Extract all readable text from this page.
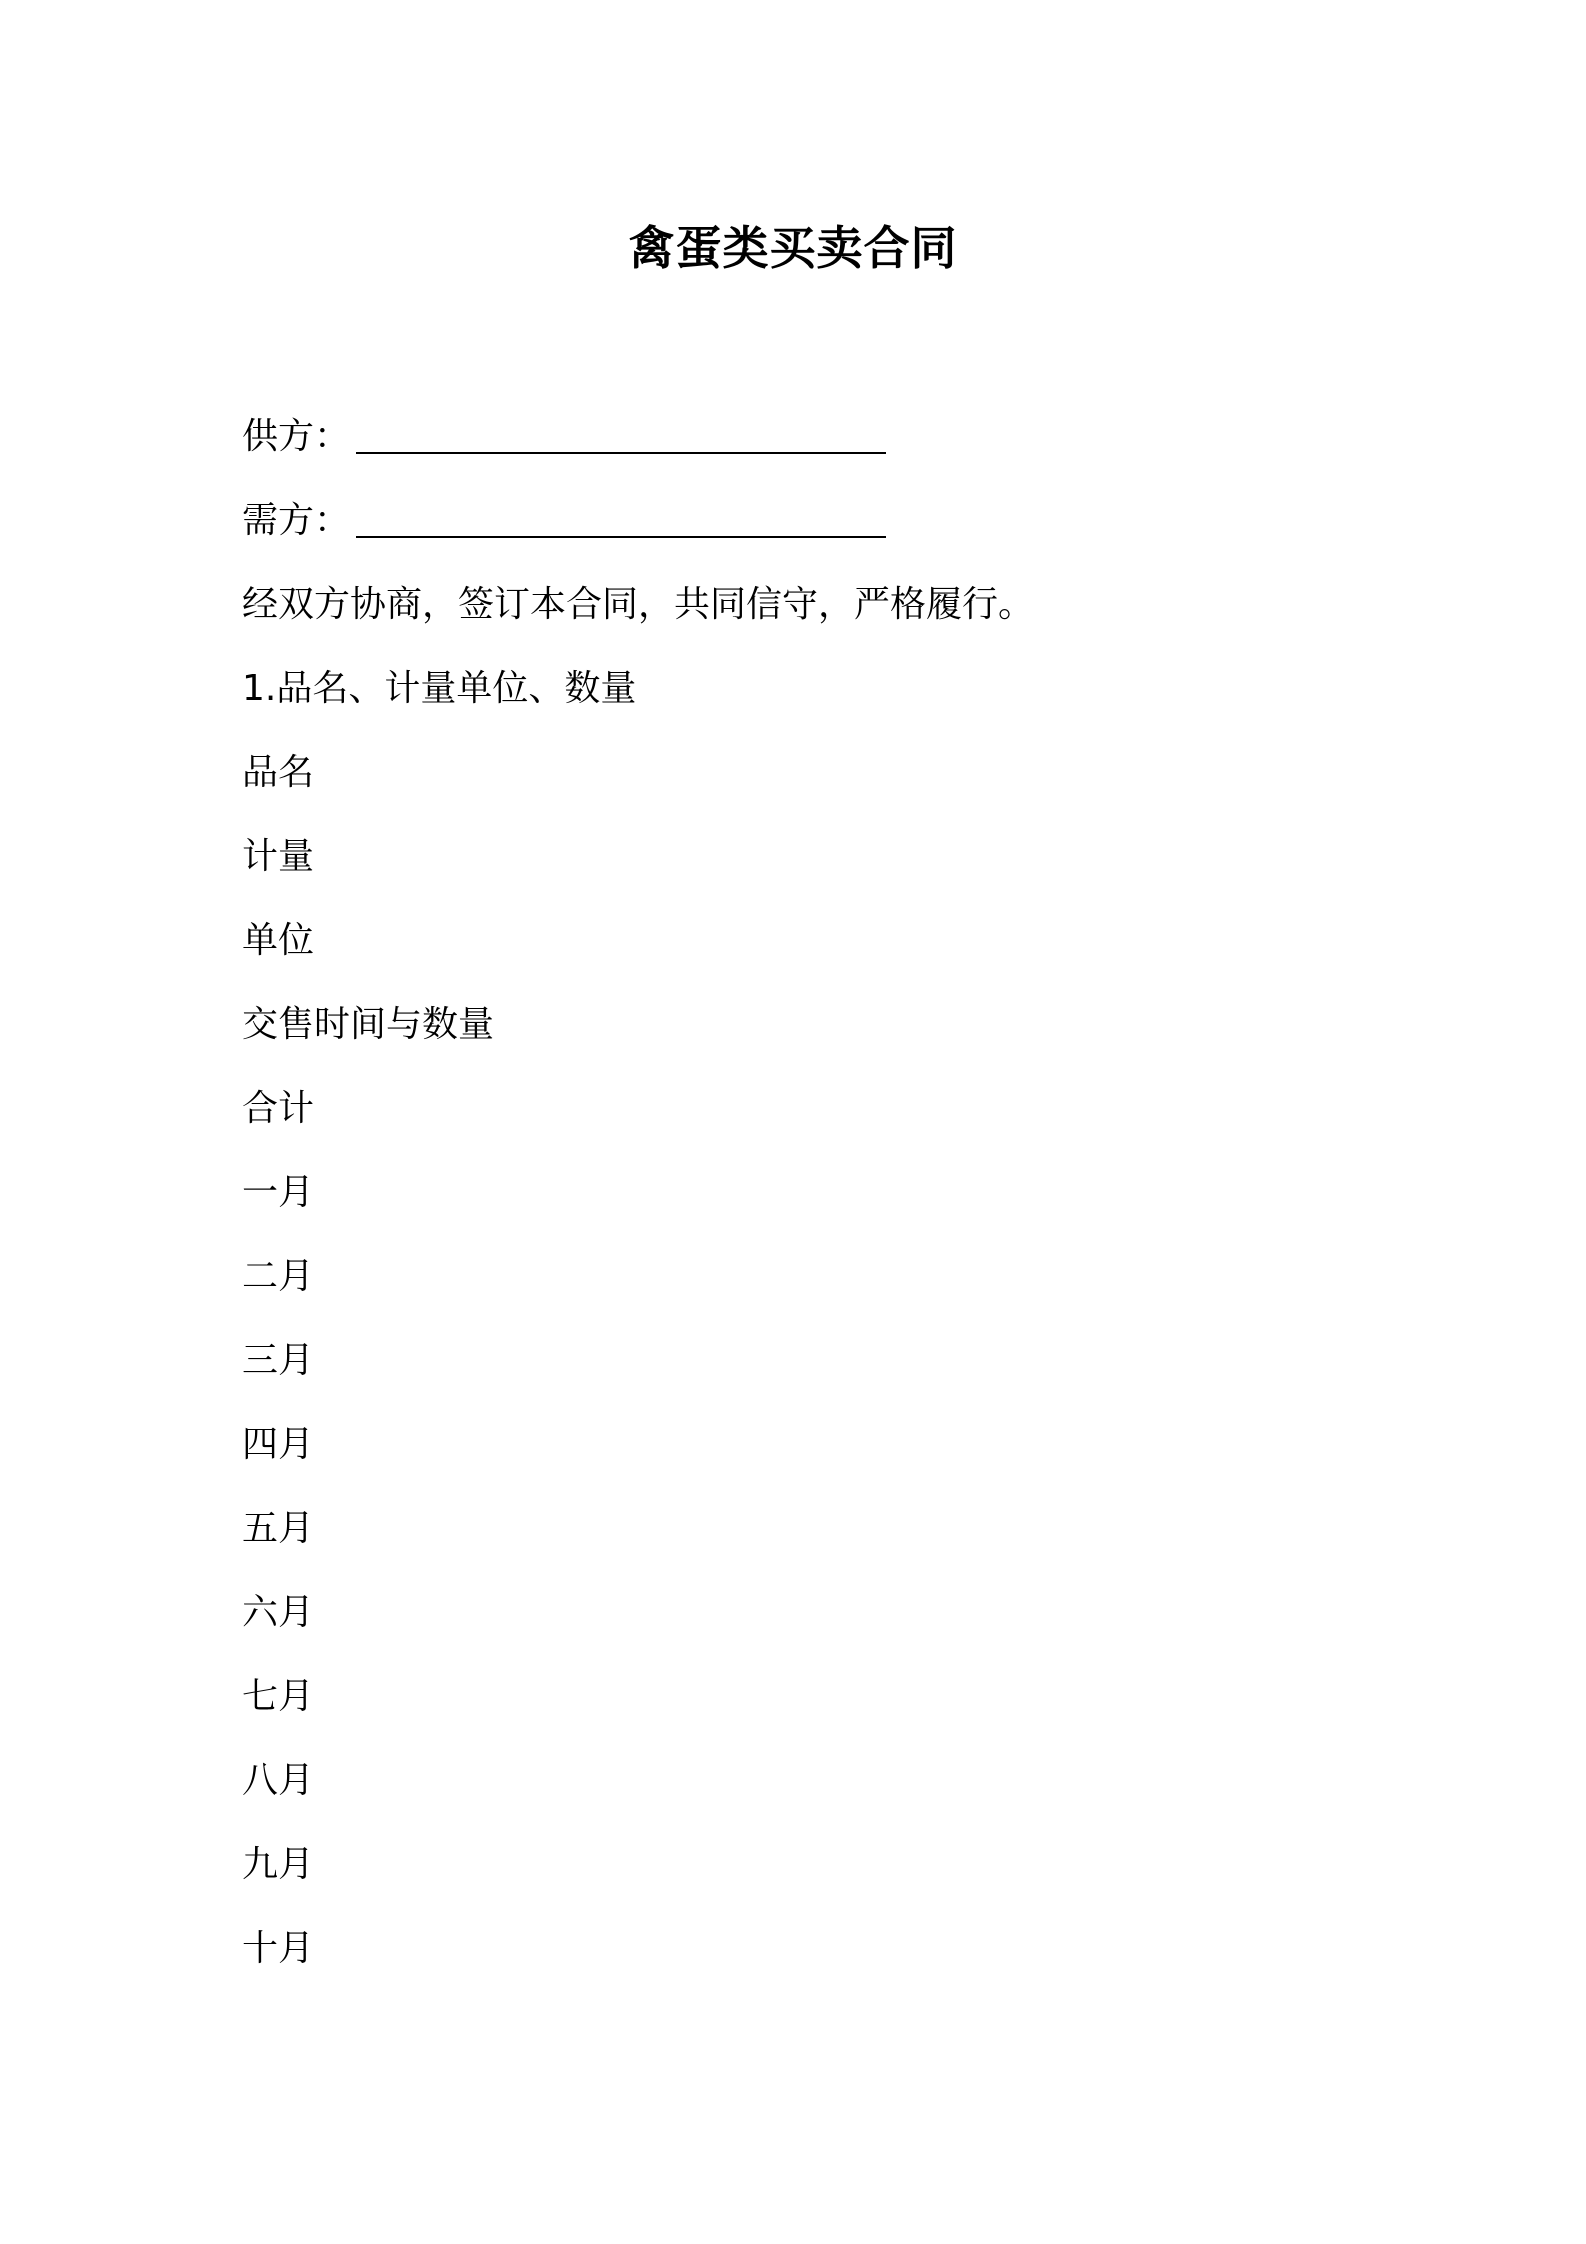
禽蛋类买卖合同
供方：
需方：
经双方协商，签订本合同，共同信守，严格履行。
1.品名、计量单位、数量
品名
计量
单位
交售时间与数量
合计
一月
二月
三月
四月
五月
六月
七月
八月
九月
十月
